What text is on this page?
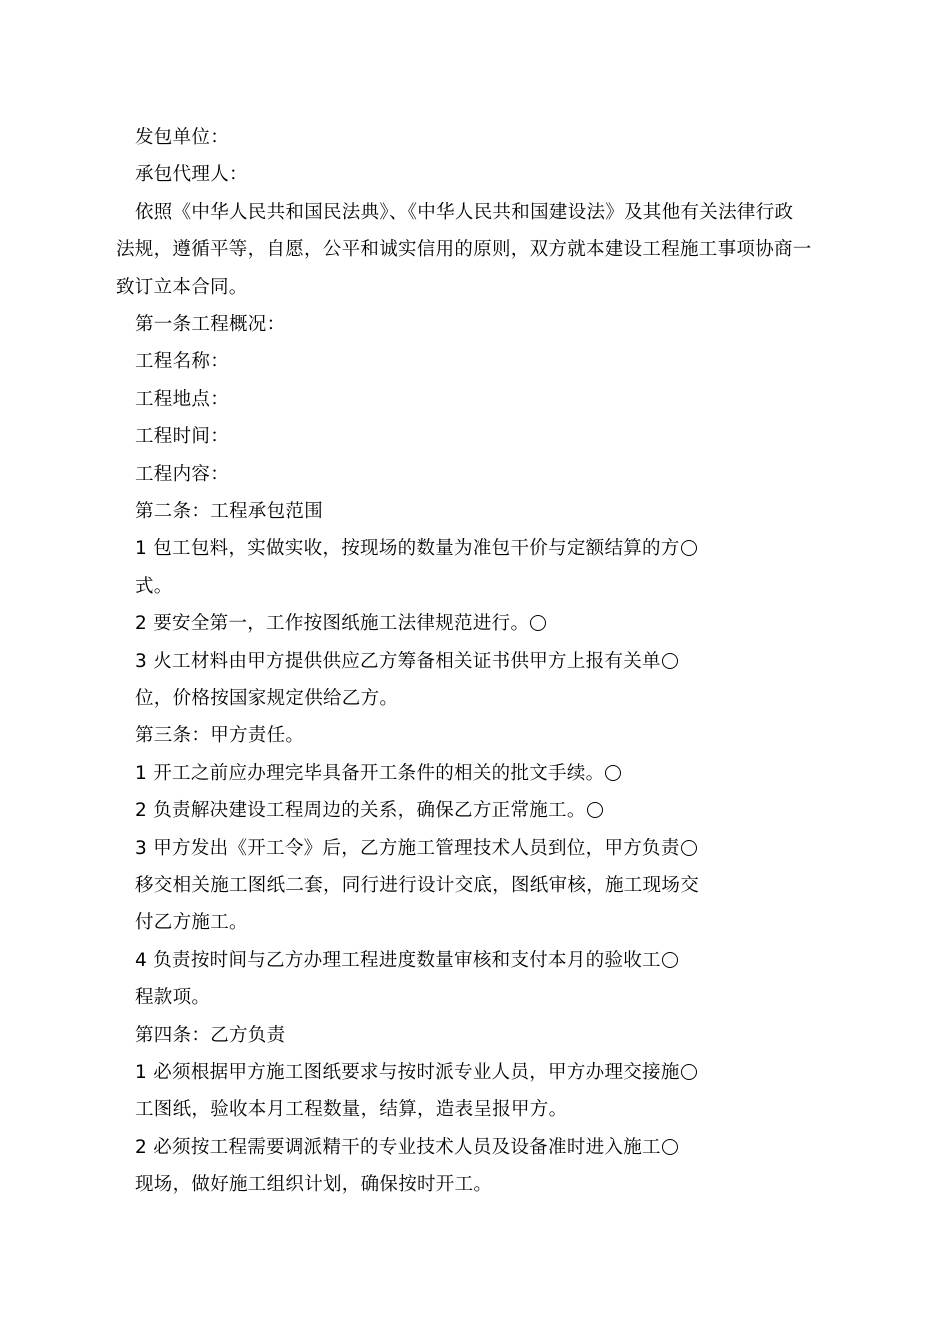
发包单位：
承包代理人：
依照《中华人民共和国民法典》、《中华人民共和国建设法》及其他有关法律行政
法规，遵循平等，自愿，公平和诚实信用的原则，双方就本建设工程施工事项协商一
致订立本合同。
第一条工程概况：
工程名称：
工程地点：
工程时间：
工程内容：
第二条：工程承包范围
1 包工包料，实做实收，按现场的数量为准包干价与定额结算的方
式。
2 要安全第一，工作按图纸施工法律规范进行。
3 火工材料由甲方提供供应乙方筹备相关证书供甲方上报有关单
位，价格按国家规定供给乙方。
第三条：甲方责任。
1 开工之前应办理完毕具备开工条件的相关的批文手续。
2 负责解决建设工程周边的关系，确保乙方正常施工。
3 甲方发出《开工令》后，乙方施工管理技术人员到位，甲方负责
移交相关施工图纸二套，同行进行设计交底，图纸审核，施工现场交
付乙方施工。
4 负责按时间与乙方办理工程进度数量审核和支付本月的验收工
程款项。
第四条：乙方负责
1 必须根据甲方施工图纸要求与按时派专业人员，甲方办理交接施
工图纸，验收本月工程数量，结算，造表呈报甲方。
2 必须按工程需要调派精干的专业技术人员及设备准时进入施工
现场，做好施工组织计划，确保按时开工。
